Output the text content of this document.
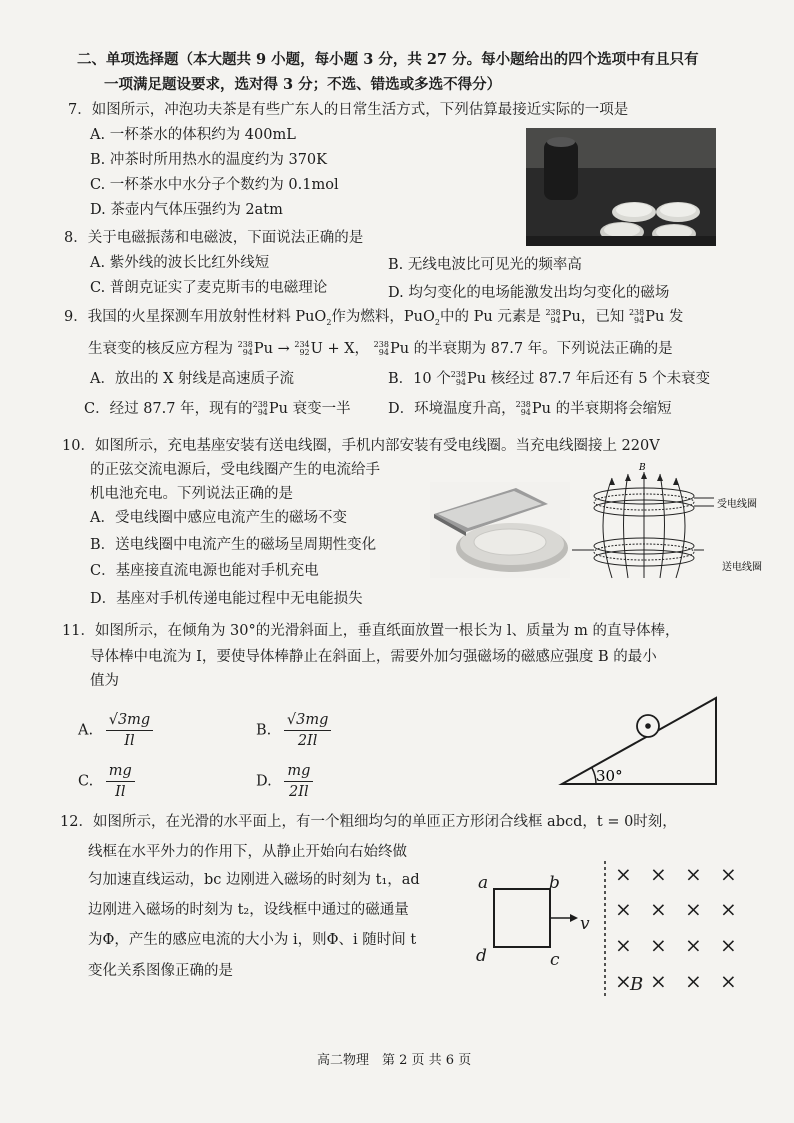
二、单项选择题（本大题共 9 小题，每小题 3 分，共 27 分。每小题给出的四个选项中有且只有
一项满足题设要求，选对得 3 分；不选、错选或多选不得分）
7．如图所示，冲泡功夫茶是有些广东人的日常生活方式，下列估算最接近实际的一项是
A. 一杯茶水的体积约为 400mL
B. 冲茶时所用热水的温度约为 370K
C. 一杯茶水中水分子个数约为 0.1mol
D. 茶壶内气体压强约为 2atm
8．关于电磁振荡和电磁波，下面说法正确的是
A. 紫外线的波长比红外线短	B. 无线电波比可见光的频率高
C. 普朗克证实了麦克斯韦的电磁理论	D. 均匀变化的电场能激发出均匀变化的磁场
9．我国的火星探测车用放射性材料 PuO$_2$作为燃料，PuO$_2$中的 Pu 元素是 238
94 Pu，已知 238
94 Pu 发
生衰变的核反应方程为 238
94 Pu → 234
92 U + X， 238
94 Pu 的半衰期为 87.7 年。下列说法正确的是
A．放出的 X 射线是高速质子流	B．10 个 238
94 Pu 核经过 87.7 年后还有 5 个未衰变
C．经过 87.7 年，现有的 238
94 Pu 衰变一半	D．环境温度升高， 238
94 Pu 的半衰期将会缩短
10．如图所示，充电基座安装有送电线圈，手机内部安装有受电线圈。当充电线圈接上 220V
的正弦交流电源后，受电线圈产生的电流给手
机电池充电。下列说法正确的是
A．受电线圈中感应电流产生的磁场不变
B．送电线圈中电流产生的磁场呈周期性变化
C．基座接直流电源也能对手机充电
D．基座对手机传递电能过程中无电能损失
B
受电线圈
送电线圈
11．如图所示，在倾角为 30°的光滑斜面上，垂直纸面放置一根长为 l、质量为 m 的直导体棒，
导体棒中电流为 I，要使导体棒静止在斜面上，需要外加匀强磁场的磁感应强度 B 的最小
值为
A. $\frac{√3mg}{Il}$	B. $\frac{√3mg}{2Il}$
C. $\frac{mg}{Il}$	D. $\frac{mg}{2Il}$	30°
12．如图所示，在光滑的水平面上，有一个粗细均匀的单匝正方形闭合线框 abcd，t = 0时刻，
线框在水平外力的作用下，从静止开始向右始终做
匀加速直线运动，bc 边刚进入磁场的时刻为 t₁，ad
边刚进入磁场的时刻为 t₂，设线框中通过的磁通量
为Φ，产生的感应电流的大小为 i，则Φ、i 随时间 t
变化关系图像正确的是
a	b
d	c
v
× × × ×
× × × ×
× × × ×
× × × ×
B
高二物理　第 2 页 共 6 页
